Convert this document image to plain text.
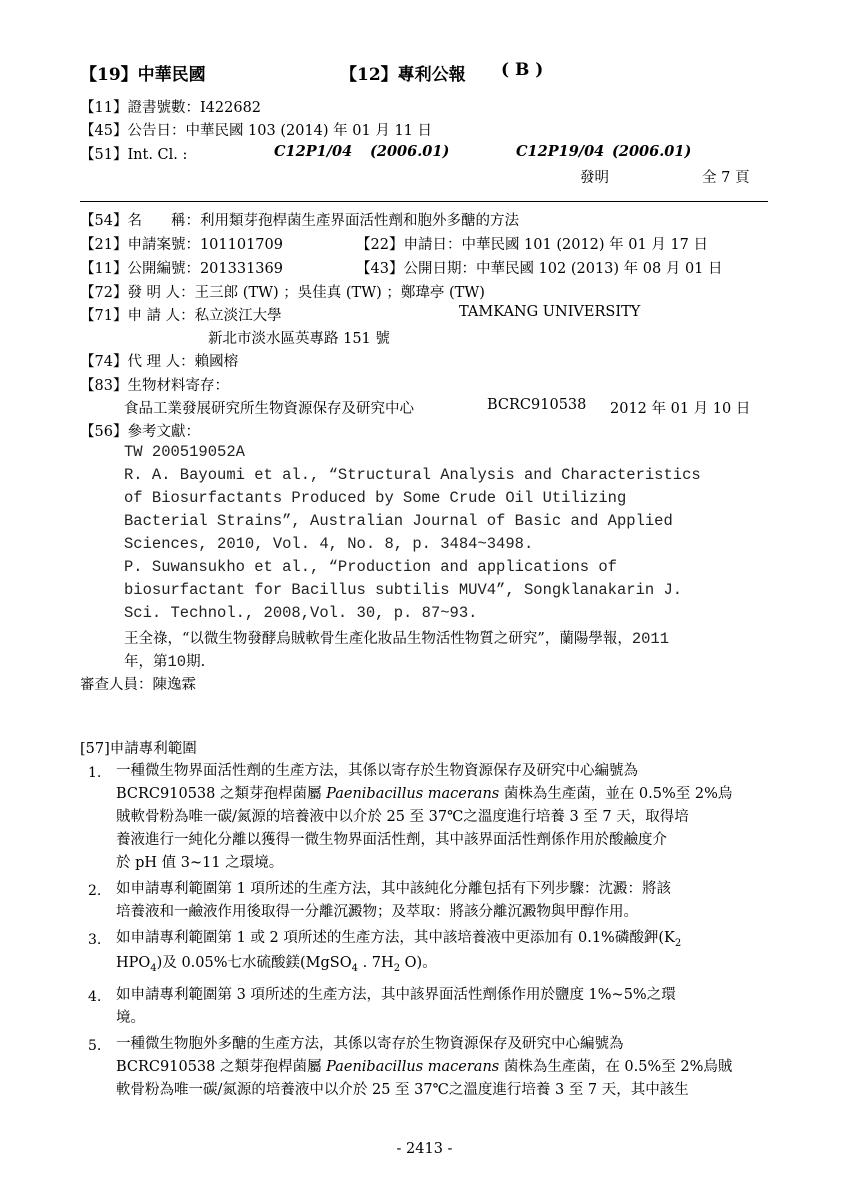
【19】中華民國	【12】專利公報 ( B )
【11】證書號數：I422682
【45】公告日：中華民國 103 (2014) 年 01 月 11 日
【51】Int. Cl. :	C12P1/04 (2006.01)	C12P19/04 (2006.01)
發明	全 7 頁
【54】名　　稱：利用類芽孢桿菌生產界面活性劑和胞外多醣的方法
【21】申請案號：101101709	【22】申請日：中華民國 101 (2012) 年 01 月 17 日
【11】公開編號：201331369	【43】公開日期：中華民國 102 (2013) 年 08 月 01 日
【72】發 明 人：王三郎 (TW) ；吳佳真 (TW) ；鄭瑋亭 (TW)
【71】申 請 人：私立淡江大學	TAMKANG UNIVERSITY
新北市淡水區英專路 151 號
【74】代 理 人：賴國榕
【83】生物材料寄存：
食品工業發展研究所生物資源保存及研究中心	BCRC910538 2012 年 01 月 10 日
【56】參考文獻：
TW 200519052A
R. A. Bayoumi et al., “Structural Analysis and Characteristics
of Biosurfactants Produced by Some Crude Oil Utilizing
Bacterial Strains”, Australian Journal of Basic and Applied
Sciences, 2010, Vol. 4, No. 8, p. 3484~3498.
P. Suwansukho et al., “Production and applications of
biosurfactant for Bacillus subtilis MUV4”, Songklanakarin J.
Sci. Technol., 2008,Vol. 30, p. 87~93.
王全祿，“以微生物發酵烏賊軟骨生產化妝品生物活性物質之研究”，蘭陽學報，2011
年，第10期.
審查人員：陳逸霖
[57]申請專利範圍
1. 一種微生物界面活性劑的生產方法，其係以寄存於生物資源保存及研究中心編號為
BCRC910538 之類芽孢桿菌屬 Paenibacillus macerans 菌株為生產菌，並在 0.5%至 2%烏
賊軟骨粉為唯一碳/氮源的培養液中以介於 25 至 37℃之溫度進行培養 3 至 7 天，取得培
養液進行一純化分離以獲得一微生物界面活性劑，其中該界面活性劑係作用於酸鹼度介
於 pH 值 3~11 之環境。
2. 如申請專利範圍第 1 項所述的生產方法，其中該純化分離包括有下列步驟：沈澱：將該
培養液和一鹼液作用後取得一分離沉澱物；及萃取：將該分離沉澱物與甲醇作用。
3. 如申請專利範圍第 1 或 2 項所述的生產方法，其中該培養液中更添加有 0.1%磷酸鉀($K_2$
$HPO_4$)及 0.05%七水硫酸鎂(MgSO$_4$ . $7H_2$ O)。
4. 如申請專利範圍第 3 項所述的生產方法，其中該界面活性劑係作用於鹽度 1%~5%之環
境。
5. 一種微生物胞外多醣的生產方法，其係以寄存於生物資源保存及研究中心編號為
BCRC910538 之類芽孢桿菌屬 Paenibacillus macerans 菌株為生產菌，在 0.5%至 2%烏賊
軟骨粉為唯一碳/氮源的培養液中以介於 25 至 37℃之溫度進行培養 3 至 7 天，其中該生
- 2413 -
